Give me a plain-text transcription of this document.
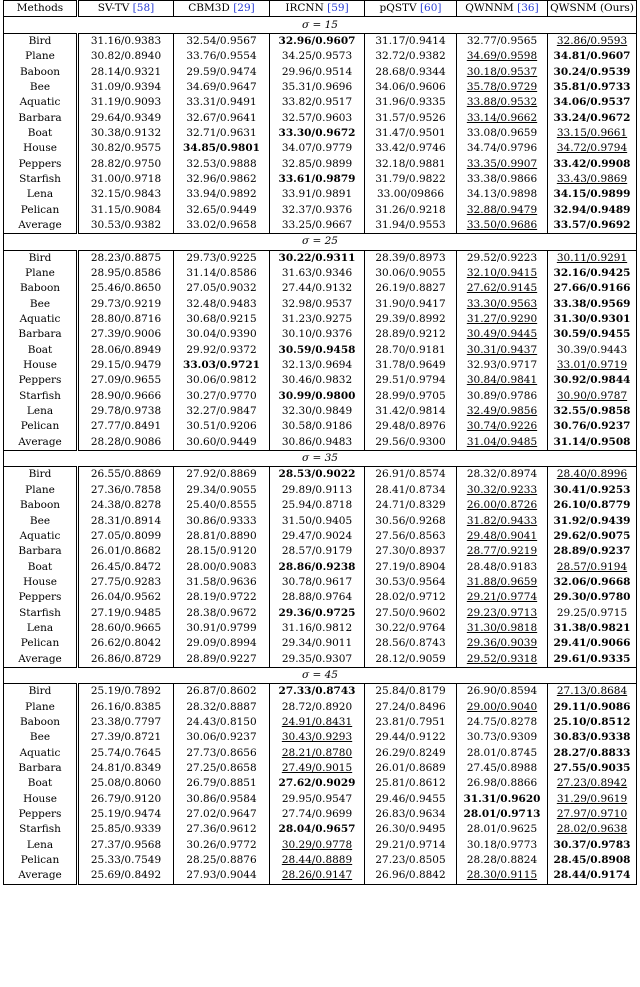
Methods	SV-TV [58]	CBM3D [29]	IRCNN [59]	pQSTV [60]	QWNNM [36]	QWSNM (Ours)
σ = 15						
Bird	31.16/0.9383	32.54/0.9567	32.96/0.9607	31.17/0.9414	32.77/0.9565	32.86/0.9593
Plane	30.82/0.8940	33.76/0.9554	34.25/0.9573	32.72/0.9382	34.69/0.9598	34.81/0.9607
Baboon	28.14/0.9321	29.59/0.9474	29.96/0.9514	28.68/0.9344	30.18/0.9537	30.24/0.9539
Bee	31.09/0.9394	34.69/0.9647	35.31/0.9696	34.06/0.9606	35.78/0.9729	35.81/0.9733
Aquatic	31.19/0.9093	33.31/0.9491	33.82/0.9517	31.96/0.9335	33.88/0.9532	34.06/0.9537
Barbara	29.64/0.9349	32.67/0.9641	32.57/0.9603	31.57/0.9526	33.14/0.9662	33.24/0.9672
Boat	30.38/0.9132	32.71/0.9631	33.30/0.9672	31.47/0.9501	33.08/0.9659	33.15/0.9661
House	30.82/0.9575	34.85/0.9801	34.07/0.9779	33.42/0.9746	34.74/0.9796	34.72/0.9794
Peppers	28.82/0.9750	32.53/0.9888	32.85/0.9899	32.18/0.9881	33.35/0.9907	33.42/0.9908
Starfish	31.00/0.9718	32.96/0.9862	33.61/0.9879	31.79/0.9822	33.38/0.9866	33.43/0.9869
Lena	32.15/0.9843	33.94/0.9892	33.91/0.9891	33.00/09866	34.13/0.9898	34.15/0.9899
Pelican	31.15/0.9084	32.65/0.9449	32.37/0.9376	31.26/0.9218	32.88/0.9479	32.94/0.9489
Average	30.53/0.9382	33.02/0.9658	33.25/0.9667	31.94/0.9553	33.50/0.9686	33.57/0.9692
σ = 25						
Bird	28.23/0.8875	29.73/0.9225	30.22/0.9311	28.39/0.8973	29.52/0.9223	30.11/0.9291
Plane	28.95/0.8586	31.14/0.8586	31.63/0.9346	30.06/0.9055	32.10/0.9415	32.16/0.9425
Baboon	25.46/0.8650	27.05/0.9032	27.44/0.9132	26.19/0.8827	27.62/0.9145	27.66/0.9166
Bee	29.73/0.9219	32.48/0.9483	32.98/0.9537	31.90/0.9417	33.30/0.9563	33.38/0.9569
Aquatic	28.80/0.8716	30.68/0.9215	31.23/0.9275	29.39/0.8992	31.27/0.9290	31.30/0.9301
Barbara	27.39/0.9006	30.04/0.9390	30.10/0.9376	28.89/0.9212	30.49/0.9445	30.59/0.9455
Boat	28.06/0.8949	29.92/0.9372	30.59/0.9458	28.70/0.9181	30.31/0.9437	30.39/0.9443
House	29.15/0.9479	33.03/0.9721	32.13/0.9694	31.78/0.9649	32.93/0.9717	33.01/0.9719
Peppers	27.09/0.9655	30.06/0.9812	30.46/0.9832	29.51/0.9794	30.84/0.9841	30.92/0.9844
Starfish	28.90/0.9666	30.27/0.9770	30.99/0.9800	28.99/0.9705	30.89/0.9786	30.90/0.9787
Lena	29.78/0.9738	32.27/0.9847	32.30/0.9849	31.42/0.9814	32.49/0.9856	32.55/0.9858
Pelican	27.77/0.8491	30.51/0.9206	30.58/0.9186	29.48/0.8976	30.74/0.9226	30.76/0.9237
Average	28.28/0.9086	30.60/0.9449	30.86/0.9483	29.56/0.9300	31.04/0.9485	31.14/0.9508
σ = 35						
Bird	26.55/0.8869	27.92/0.8869	28.53/0.9022	26.91/0.8574	28.32/0.8974	28.40/0.8996
Plane	27.36/0.7858	29.34/0.9055	29.89/0.9113	28.41/0.8734	30.32/0.9233	30.41/0.9253
Baboon	24.38/0.8278	25.40/0.8555	25.94/0.8718	24.71/0.8329	26.00/0.8726	26.10/0.8779
Bee	28.31/0.8914	30.86/0.9333	31.50/0.9405	30.56/0.9268	31.82/0.9433	31.92/0.9439
Aquatic	27.05/0.8099	28.81/0.8890	29.47/0.9024	27.56/0.8563	29.48/0.9041	29.62/0.9075
Barbara	26.01/0.8682	28.15/0.9120	28.57/0.9179	27.30/0.8937	28.77/0.9219	28.89/0.9237
Boat	26.45/0.8472	28.00/0.9083	28.86/0.9238	27.19/0.8904	28.48/0.9183	28.57/0.9194
House	27.75/0.9283	31.58/0.9636	30.78/0.9617	30.53/0.9564	31.88/0.9659	32.06/0.9668
Peppers	26.04/0.9562	28.19/0.9722	28.88/0.9764	28.02/0.9712	29.21/0.9774	29.30/0.9780
Starfish	27.19/0.9485	28.38/0.9672	29.36/0.9725	27.50/0.9602	29.23/0.9713	29.25/0.9715
Lena	28.60/0.9665	30.91/0.9799	31.16/0.9812	30.22/0.9764	31.30/0.9818	31.38/0.9821
Pelican	26.62/0.8042	29.09/0.8994	29.34/0.9011	28.56/0.8743	29.36/0.9039	29.41/0.9066
Average	26.86/0.8729	28.89/0.9227	29.35/0.9307	28.12/0.9059	29.52/0.9318	29.61/0.9335
σ = 45						
Bird	25.19/0.7892	26.87/0.8602	27.33/0.8743	25.84/0.8179	26.90/0.8594	27.13/0.8684
Plane	26.16/0.8385	28.32/0.8887	28.72/0.8920	27.24/0.8496	29.00/0.9040	29.11/0.9086
Baboon	23.38/0.7797	24.43/0.8150	24.91/0.8431	23.81/0.7951	24.75/0.8278	25.10/0.8512
Bee	27.39/0.8721	30.06/0.9237	30.43/0.9293	29.44/0.9122	30.73/0.9309	30.83/0.9338
Aquatic	25.74/0.7645	27.73/0.8656	28.21/0.8780	26.29/0.8249	28.01/0.8745	28.27/0.8833
Barbara	24.81/0.8349	27.25/0.8658	27.49/0.9015	26.01/0.8689	27.45/0.8988	27.55/0.9035
Boat	25.08/0.8060	26.79/0.8851	27.62/0.9029	25.81/0.8612	26.98/0.8866	27.23/0.8942
House	26.79/0.9120	30.86/0.9584	29.95/0.9547	29.46/0.9455	31.31/0.9620	31.29/0.9619
Peppers	25.19/0.9474	27.02/0.9647	27.74/0.9699	26.83/0.9634	28.01/0.9713	27.97/0.9710
Starfish	25.85/0.9339	27.36/0.9612	28.04/0.9657	26.30/0.9495	28.01/0.9625	28.02/0.9638
Lena	27.37/0.9568	30.26/0.9772	30.29/0.9778	29.21/0.9714	30.18/0.9773	30.37/0.9783
Pelican	25.33/0.7549	28.25/0.8876	28.44/0.8889	27.23/0.8505	28.28/0.8824	28.45/0.8908
Average	25.69/0.8492	27.93/0.9044	28.26/0.9147	26.96/0.8842	28.30/0.9115	28.44/0.9174
